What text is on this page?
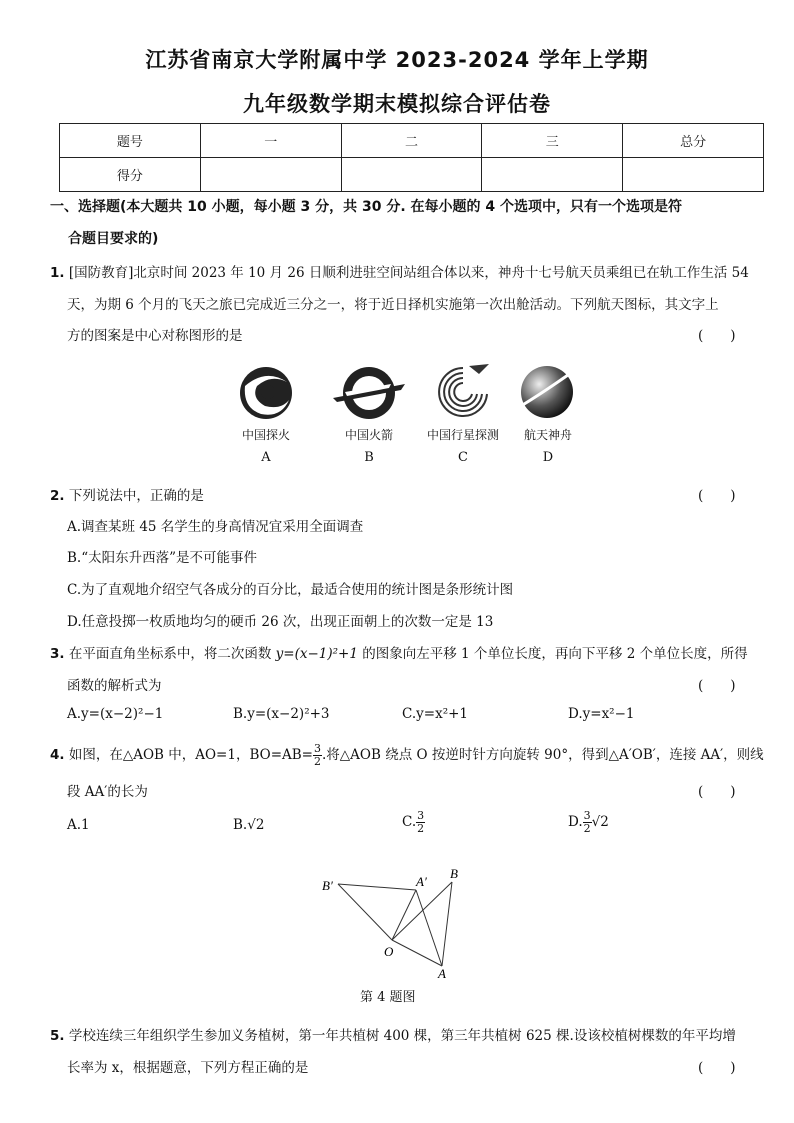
江苏省南京大学附属中学 2023-2024 学年上学期
九年级数学期末模拟综合评估卷
题号	一	二	三	总分
得分				
一、选择题(本大题共 10 小题，每小题 3 分，共 30 分. 在每小题的 4 个选项中，只有一个选项是符
合题目要求的)
1. [国防教育]北京时间 2023 年 10 月 26 日顺利进驻空间站组合体以来，神舟十七号航天员乘组已在轨工作生活 54
天，为期 6 个月的飞天之旅已完成近三分之一，将于近日择机实施第一次出舱活动。下列航天图标，其文字上
方的图案是中心对称图形的是	(　　)
中国探火	中国火箭	中国行星探测	航天神舟
A	B	C	D
2. 下列说法中，正确的是	(　　)
A.调查某班 45 名学生的身高情况宜采用全面调查
B.“太阳东升西落”是不可能事件
C.为了直观地介绍空气各成分的百分比，最适合使用的统计图是条形统计图
D.任意投掷一枚质地均匀的硬币 26 次，出现正面朝上的次数一定是 13
3. 在平面直角坐标系中，将二次函数 y=(x−1)²+1 的图象向左平移 1 个单位长度，再向下平移 2 个单位长度，所得
函数的解析式为	(　　)
A.y=(x−2)²−1	B.y=(x−2)²+3	C.y=x²+1	D.y=x²−1
4. 如图，在△AOB 中，AO=1，$BO=AB= \frac{3}{2}$ .将△AOB 绕点 O 按逆时针方向旋转 90°，得到△A′OB′，连接 AA′，则线
段 AA′的长为	(　　)
A.1	B.√2	C. $\frac{3}{2}$	D. $\frac{3}{2} √2$
B′	A′
B
O
A
第 4 题图
5. 学校连续三年组织学生参加义务植树，第一年共植树 400 棵，第三年共植树 625 棵.设该校植树棵数的年平均增
长率为 x，根据题意，下列方程正确的是	(　　)
